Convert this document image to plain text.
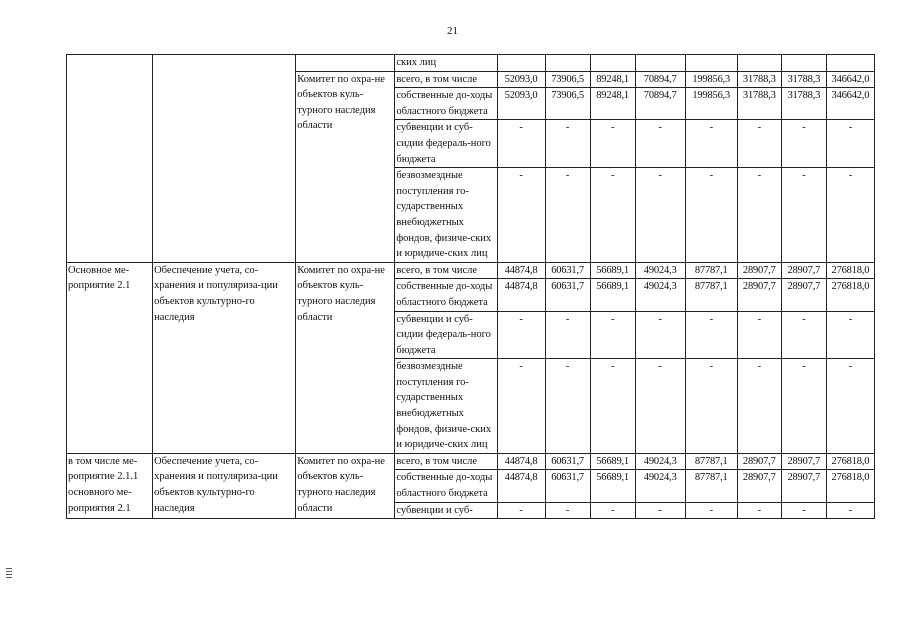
21
			ских лиц								
		Комитет по охра-не объектов куль-турного наследия области	всего, в том числе	52093,0	73906,5	89248,1	70894,7	199856,3	31788,3	31788,3	346642,0
			собственные до-ходы областного бюджета	52093,0	73906,5	89248,1	70894,7	199856,3	31788,3	31788,3	346642,0
			субвенции и суб-сидии федераль-ного бюджета	-	-	-	-	-	-	-	-
			безвозмездные поступления го-сударственных внебюджетных фондов, физиче-ских и юридиче-ских лиц	-	-	-	-	-	-	-	-
Основное ме-роприятие 2.1	Обеспечение учета, со-хранения и популяриза-ции объектов культурно-го наследия	Комитет по охра-не объектов куль-турного наследия области	всего, в том числе	44874,8	60631,7	56689,1	49024,3	87787,1	28907,7	28907,7	276818,0
			собственные до-ходы областного бюджета	44874,8	60631,7	56689,1	49024,3	87787,1	28907,7	28907,7	276818,0
			субвенции и суб-сидии федераль-ного бюджета	-	-	-	-	-	-	-	-
			безвозмездные поступления го-сударственных внебюджетных фондов, физиче-ских и юридиче-ских лиц	-	-	-	-	-	-	-	-
в том числе ме-роприятие 2.1.1 основного ме-роприятия 2.1	Обеспечение учета, со-хранения и популяриза-ции объектов культурно-го наследия	Комитет по охра-не объектов куль-турного наследия области	всего, в том числе	44874,8	60631,7	56689,1	49024,3	87787,1	28907,7	28907,7	276818,0
			собственные до-ходы областного бюджета	44874,8	60631,7	56689,1	49024,3	87787,1	28907,7	28907,7	276818,0
			субвенции и суб-	-	-	-	-	-	-	-	-
